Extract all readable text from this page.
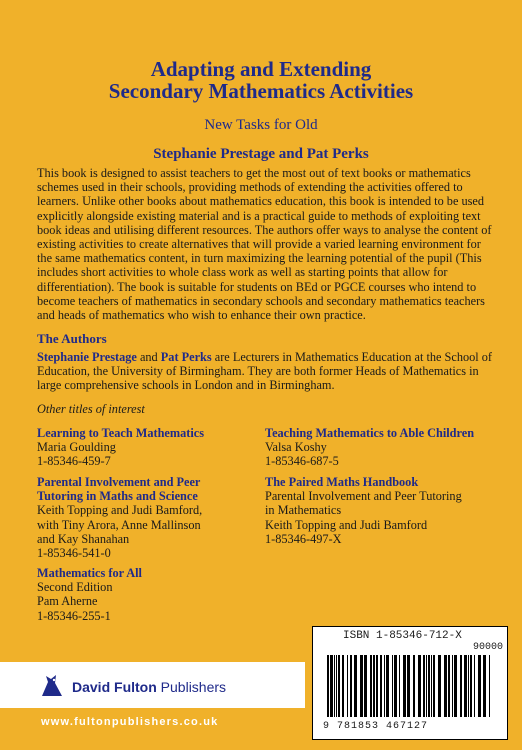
Adapting and Extending
Secondary Mathematics Activities

New Tasks for Old

Stephanie Prestage and Pat Perks

This book is designed to assist teachers to get the most out of text books or mathematics schemes used in their schools, providing methods of extending the activities offered to learners. Unlike other books about mathematics education, this book is intended to be used explicitly alongside existing material and is a practical guide to methods of exploiting text book ideas and utilising different resources. The authors offer ways to analyse the content of existing activities to create alternatives that will provide a varied learning environment for the same mathematics content, in turn maximizing the learning potential of the pupil (This includes short activities to whole class work as well as starting points that allow for differentiation). The book is suitable for students on BEd or PGCE courses who intend to become teachers of mathematics in secondary schools and secondary mathematics teachers and heads of mathematics who wish to enhance their own practice.

The Authors

Stephanie Prestage and Pat Perks are Lecturers in Mathematics Education at the School of Education, the University of Birmingham. They are both former Heads of Mathematics in large comprehensive schools in London and in Birmingham.

Other titles of interest

Learning to Teach Mathematics
Maria Goulding
1-85346-459-7
Teaching Mathematics to Able Children
Valsa Koshy
1-85346-687-5
Parental Involvement and Peer Tutoring in Maths and Science
Keith Topping and Judi Bamford,
with Tiny Arora, Anne Mallinson
and Kay Shanahan
1-85346-541-0
The Paired Maths Handbook
Parental Involvement and Peer Tutoring
in Mathematics
Keith Topping and Judi Bamford
1-85346-497-X
Mathematics for All
Second Edition
Pam Aherne
1-85346-255-1
ISBN 1-85346-712-X
90000
9 781853 467127
David Fulton Publishers
www.fultonpublishers.co.uk
